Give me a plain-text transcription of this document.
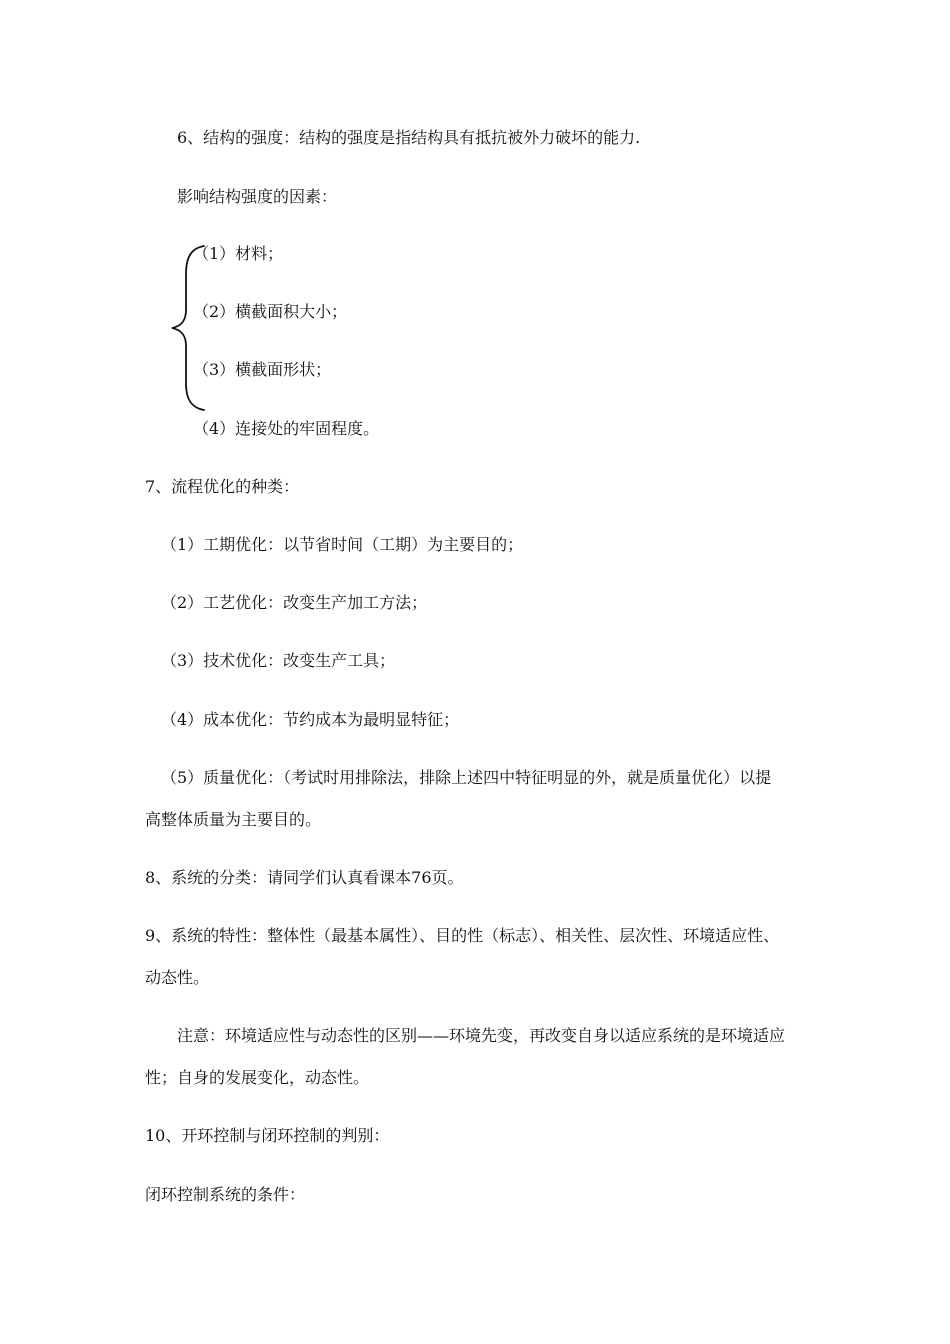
6、结构的强度：结构的强度是指结构具有抵抗被外力破坏的能力.

影响结构强度的因素：

（1）材料；

（2）横截面积大小；

（3）横截面形状；

（4）连接处的牢固程度。

7、流程优化的种类：

（1）工期优化：以节省时间（工期）为主要目的；

（2）工艺优化：改变生产加工方法；

（3）技术优化：改变生产工具；

（4）成本优化：节约成本为最明显特征；

（5）质量优化：（考试时用排除法，排除上述四中特征明显的外，就是质量优化）以提

高整体质量为主要目的。

8、系统的分类：请同学们认真看课本76页。

9、系统的特性：整体性（最基本属性）、目的性（标志）、相关性、层次性、环境适应性、

动态性。

注意：环境适应性与动态性的区别——环境先变，再改变自身以适应系统的是环境适应

性；自身的发展变化，动态性。

10、开环控制与闭环控制的判别：

闭环控制系统的条件：
